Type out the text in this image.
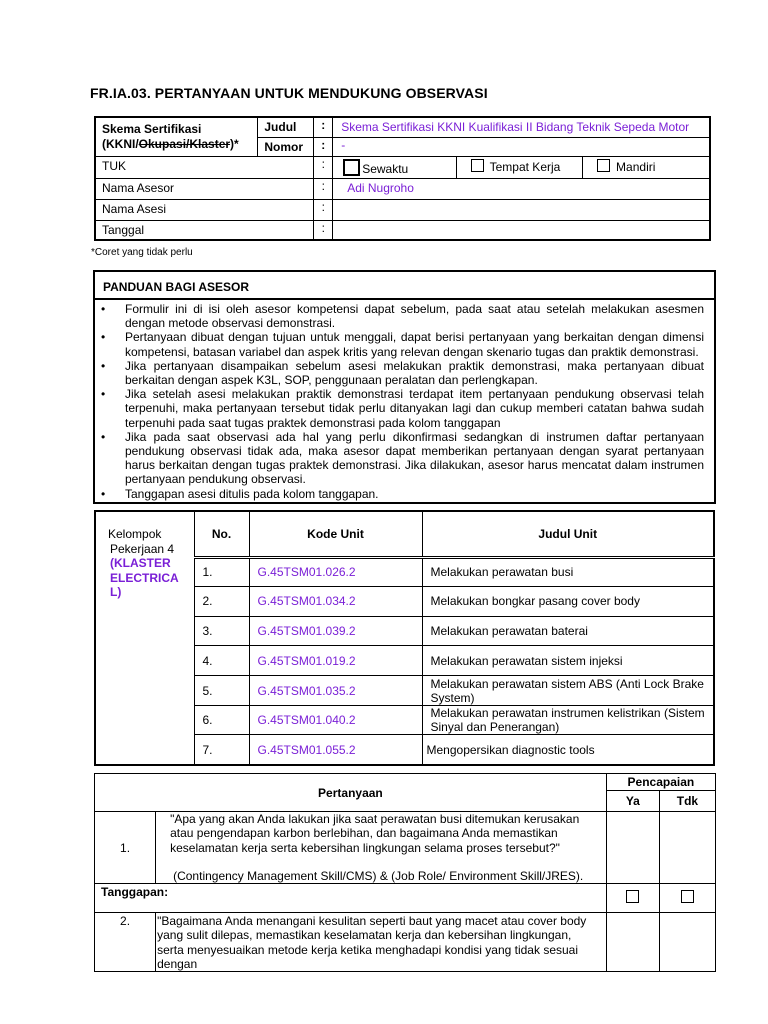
FR.IA.03. PERTANYAAN UNTUK MENDUKUNG OBSERVASI
Skema Sertifikasi
(KKNI/Okupasi/Klaster)*	Judul	:	Skema Sertifikasi KKNI Kualifikasi II Bidang Teknik Sepeda Motor		
	Nomor	:	-		
TUK		:	Sewaktu	Tempat Kerja	Mandiri
Nama Asesor		:	Adi Nugroho		
Nama Asesi		:			
Tanggal		:			
*Coret yang tidak perlu
PANDUAN BAGI ASESOR
• Formulir ini di isi oleh asesor kompetensi dapat sebelum, pada saat atau setelah melakukan asesmen dengan metode observasi demonstrasi.
• Pertanyaan dibuat dengan tujuan untuk menggali, dapat berisi pertanyaan yang berkaitan dengan dimensi kompetensi, batasan variabel dan aspek kritis yang relevan dengan skenario tugas dan praktik demonstrasi.
• Jika pertanyaan disampaikan sebelum asesi melakukan praktik demonstrasi, maka pertanyaan dibuat berkaitan dengan aspek K3L, SOP, penggunaan peralatan dan perlengkapan.
• Jika setelah asesi melakukan praktik demonstrasi terdapat item pertanyaan pendukung observasi telah terpenuhi, maka pertanyaan tersebut tidak perlu ditanyakan lagi dan cukup memberi catatan bahwa sudah terpenuhi pada saat tugas praktek demonstrasi pada kolom tanggapan
• Jika pada saat observasi ada hal yang perlu dikonfirmasi sedangkan di instrumen daftar pertanyaan pendukung observasi tidak ada, maka asesor dapat memberikan pertanyaan dengan syarat pertanyaan harus berkaitan dengan tugas praktek demonstrasi. Jika dilakukan, asesor harus mencatat dalam instrumen pertanyaan pendukung observasi.
• Tanggapan asesi ditulis pada kolom tanggapan.
Kelompok
Pekerjaan 4
(KLASTER
ELECTRICA
L)	No.	Kode Unit	Judul Unit
	1.	G.45TSM01.026.2	Melakukan perawatan busi
	2.	G.45TSM01.034.2	Melakukan bongkar pasang cover body
	3.	G.45TSM01.039.2	Melakukan perawatan baterai
	4.	G.45TSM01.019.2	Melakukan perawatan sistem injeksi
	5.	G.45TSM01.035.2	Melakukan perawatan sistem ABS (Anti Lock Brake System)
	6.	G.45TSM01.040.2	Melakukan perawatan instrumen kelistrikan (Sistem Sinyal dan Penerangan)
	7.	G.45TSM01.055.2	Mengopersikan diagnostic tools
Pertanyaan		Pencapaian	
		Ya	Tdk
1.	"Apa yang akan Anda lakukan jika saat perawatan busi ditemukan kerusakan atau pengendapan karbon berlebihan, dan bagaimana Anda memastikan keselamatan kerja serta kebersihan lingkungan selama proses tersebut?"
(Contingency Management Skill/CMS) & (Job Role/ Environment Skill/JRES).		

Tanggapan:			
2.	"Bagaimana Anda menangani kesulitan seperti baut yang macet atau cover body yang sulit dilepas, memastikan keselamatan kerja dan kebersihan lingkungan, serta menyesuaikan metode kerja ketika menghadapi kondisi yang tidak sesuai dengan		
